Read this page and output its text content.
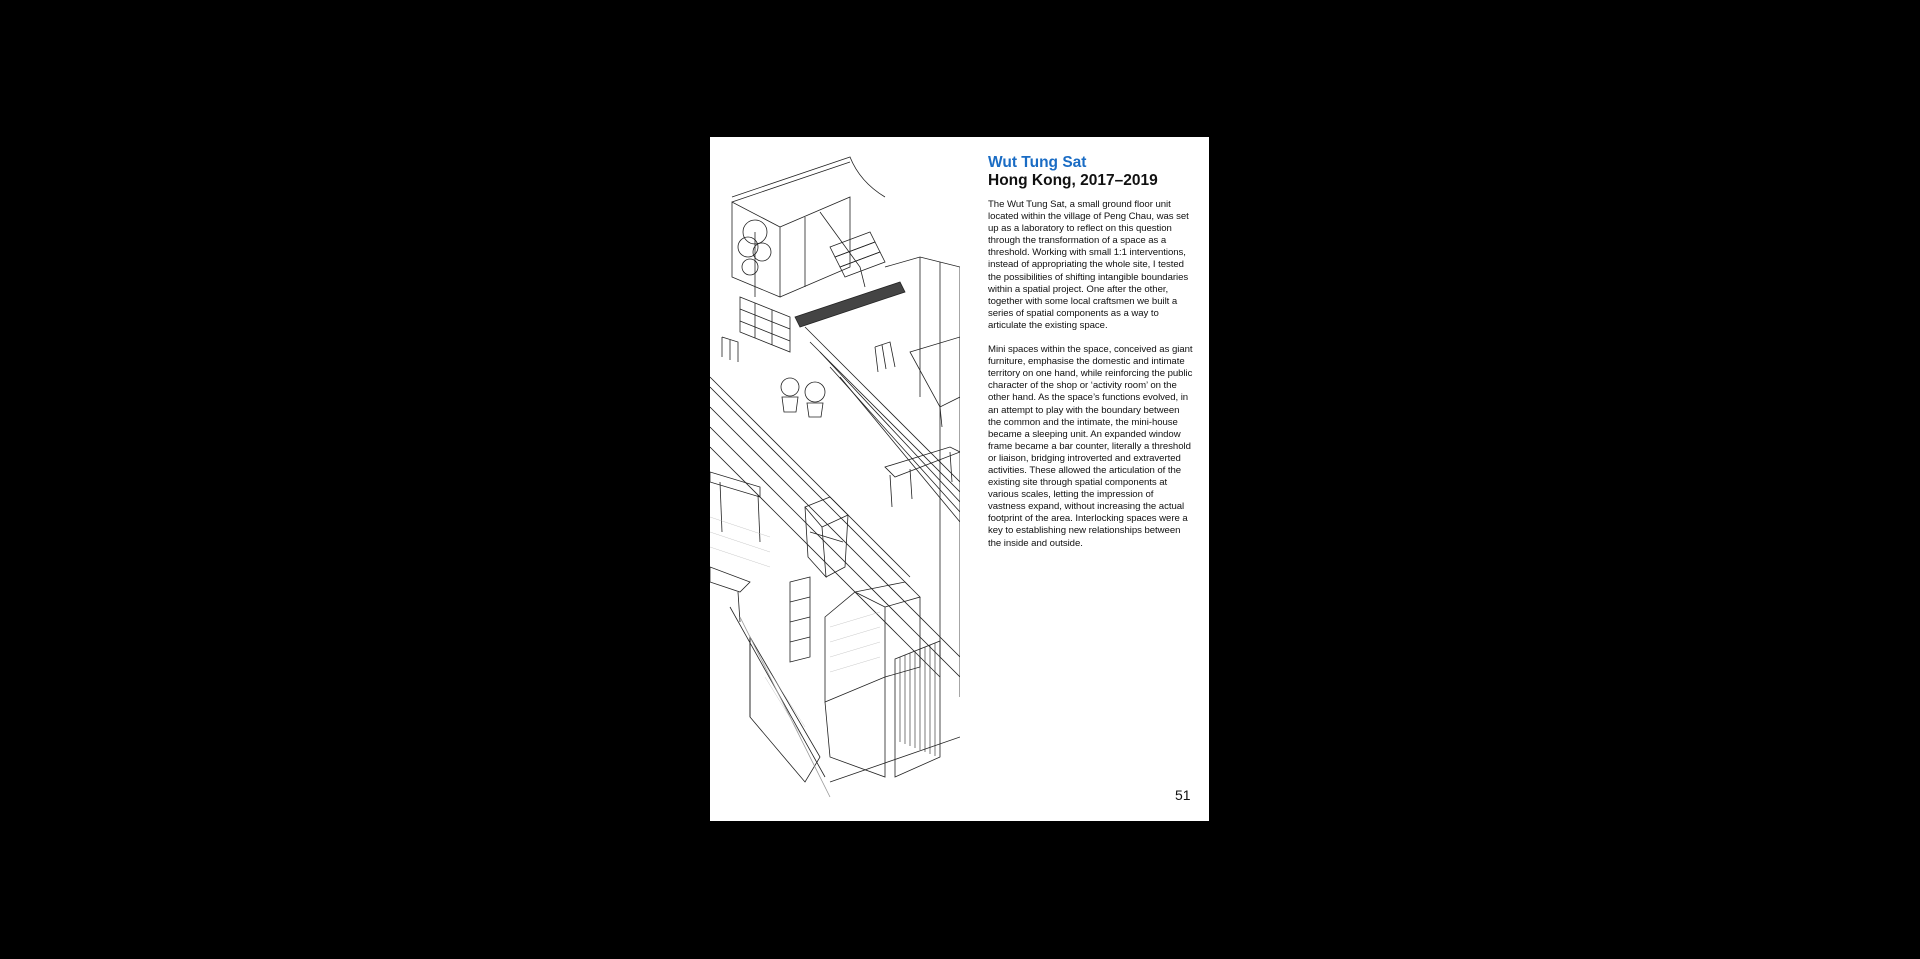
Wut Tung Sat
Hong Kong, 2017–2019

The Wut Tung Sat, a small ground floor unit located within the village of Peng Chau, was set up as a laboratory to reflect on this question through the transformation of a space as a threshold. Working with small 1:1 interventions, instead of appropriating the whole site, I tested the possibilities of shifting intangible boundaries within a spatial project. One after the other, together with some local craftsmen we built a series of spatial components as a way to articulate the existing space.

Mini spaces within the space, conceived as giant furniture, emphasise the domestic and intimate territory on one hand, while reinforcing the public character of the shop or ‘activity room’ on the other hand. As the space’s functions evolved, in an attempt to play with the boundary between the common and the intimate, the mini-house became a sleeping unit. An expanded window frame became a bar counter, literally a threshold or liaison, bridging introverted and extraverted activities. These allowed the articulation of the existing site through spatial components at various scales, letting the impression of vastness expand, without increasing the actual footprint of the area. Interlocking spaces were a key to establishing new relationships between the inside and outside.

51
